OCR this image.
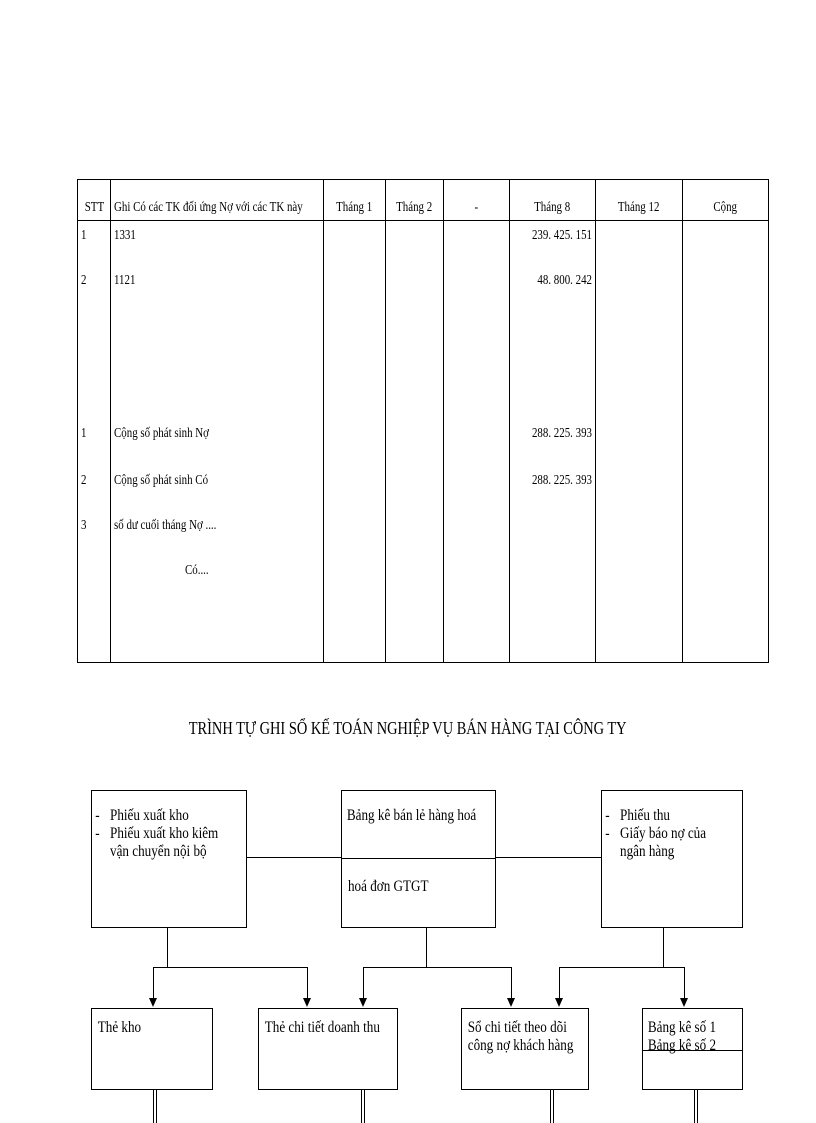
STT	Ghi Có các TK đối ứng Nợ với các TK này	Tháng 1	Tháng 2	-	Tháng 8	Tháng 12	Cộng
1	1331				239. 425. 151		
2	1121				48. 800. 242		

1	Cộng số phát sinh Nợ				288. 225. 393		
2	Cộng số phát sinh Có				288. 225. 393		
3	số dư cuối tháng Nợ ....						
	Có....						

TRÌNH TỰ GHI SỔ KẾ TOÁN NGHIỆP VỤ BÁN HÀNG TẠI CÔNG TY
- Phiếu xuất kho
- Phiếu xuất kho kiêm
vận chuyển nội bộ
Bảng kê bán lẻ hàng hoá
hoá đơn GTGT
- Phiếu thu
- Giấy báo nợ của
ngân hàng
Thẻ kho	Thẻ chi tiết doanh thu	Sổ chi tiết theo dõi
công nợ khách hàng
Bảng kê số 1
Bảng kê số 2
